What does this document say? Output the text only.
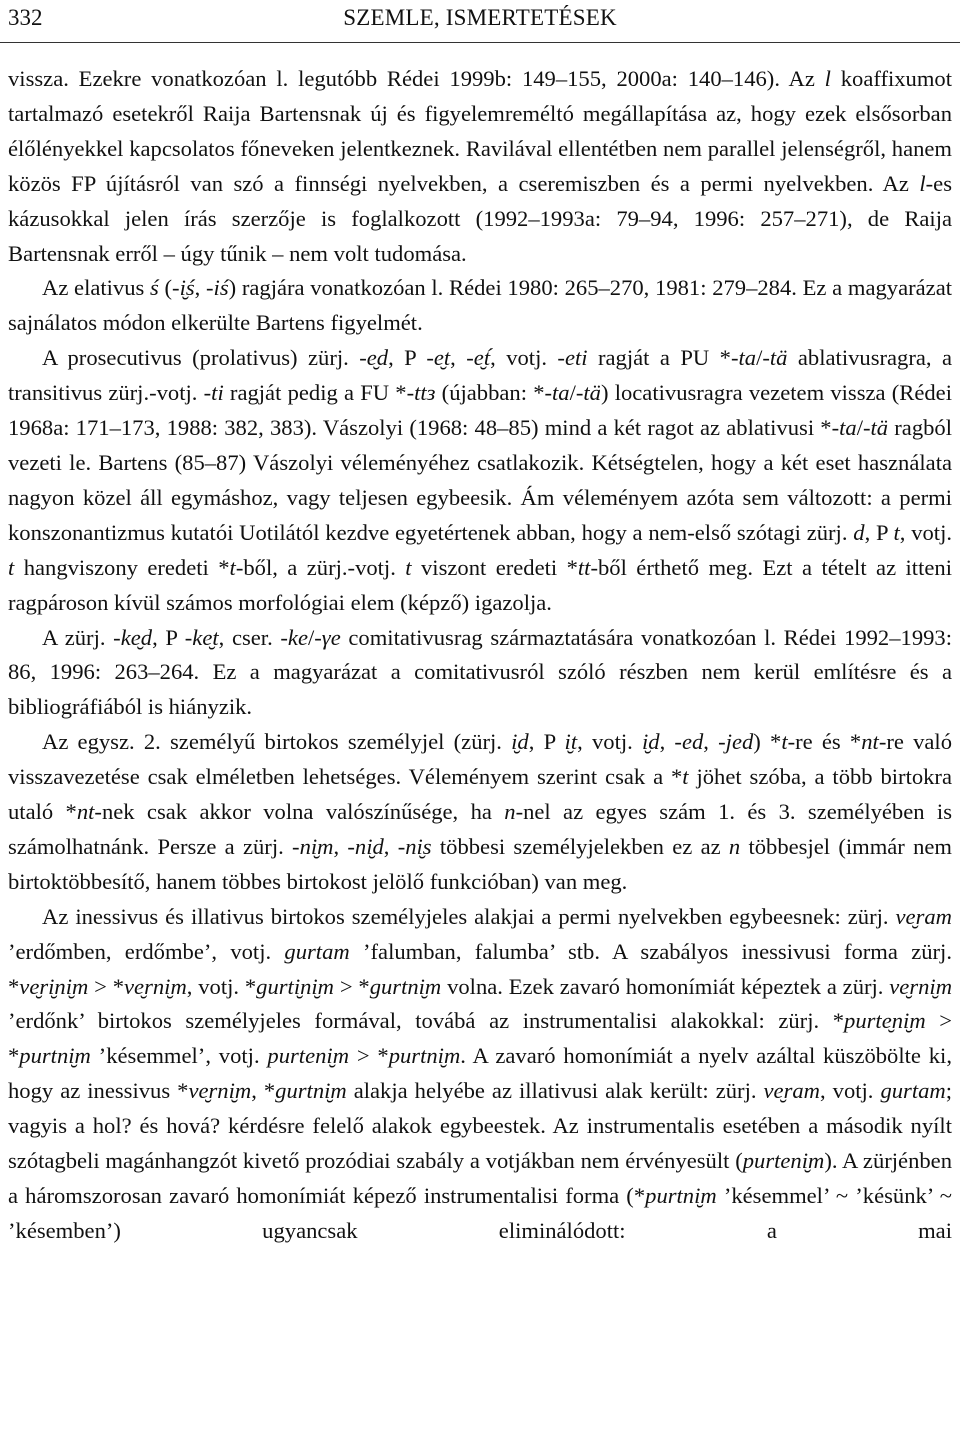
332	SZEMLE, ISMERTETÉSEK

vissza. Ezekre vonatkozóan l. legutóbb Rédei 1999b: 149–155, 2000a: 140–146). Az l koaffixumot tartalmazó esetekről Raija Bartensnak új és figyelemreméltó megállapítása az, hogy ezek elsősorban élőlényekkel kapcsolatos főneveken jelentkeznek. Ravilával ellentétben nem parallel jelenségről, hanem közös FP újításról van szó a finnségi nyelvekben, a cseremiszben és a permi nyelvekben. Az l-es kázusokkal jelen írás szerzője is foglalkozott (1992–1993a: 79–94, 1996: 257–271), de Raija Bartensnak erről – úgy tűnik – nem volt tudomása.

Az elativus ś (-i̮ś, -iś) ragjára vonatkozóan l. Rédei 1980: 265–270, 1981: 279–284. Ez a magyarázat sajnálatos módon elkerülte Bartens figyelmét.

A prosecutivus (prolativus) zürj. -e̮d, P -e̮t, -e̮t́, votj. -eti ragját a PU *-ta/-tä ablativusragra, a transitivus zürj.-votj. -ti ragját pedig a FU *-ttз (újabban: *-ta/-tä) locativusragra vezetem vissza (Rédei 1968a: 171–173, 1988: 382, 383). Vászolyi (1968: 48–85) mind a két ragot az ablativusi *-ta/-tä ragból vezeti le. Bartens (85–87) Vászolyi véleményéhez csatlakozik. Kétségtelen, hogy a két eset használata nagyon közel áll egymáshoz, vagy teljesen egybeesik. Ám véleményem azóta sem változott: a permi konszonantizmus kutatói Uotilától kezdve egyetértenek abban, hogy a nem-első szótagi zürj. d, P t, votj. t hangviszony eredeti *t-ből, a zürj.-votj. t viszont eredeti *tt-ből érthető meg. Ezt a tételt az itteni ragpároson kívül számos morfológiai elem (képző) igazolja.

A zürj. -ke̮d, P -ke̮t, cser. -ke/-γe comitativusrag származtatására vonatkozóan l. Rédei 1992–1993: 86, 1996: 263–264. Ez a magyarázat a comitativusról szóló részben nem kerül említésre és a bibliográfiából is hiányzik.

Az egysz. 2. személyű birtokos személyjel (zürj. i̮d, P i̮t, votj. i̮d, -ed, -jed) *t-re és *nt-re való visszavezetése csak elméletben lehetséges. Véleményem szerint csak a *t jöhet szóba, a több birtokra utaló *nt-nek csak akkor volna valószínűsége, ha n-nel az egyes szám 1. és 3. személyében is számolhatnánk. Persze a zürj. -ni̮m, -ni̮d, -ni̮s többesi személyjelekben ez az n többesjel (immár nem birtoktöbbesítő, hanem többes birtokost jelölő funkcióban) van meg.

Az inessivus és illativus birtokos személyjeles alakjai a permi nyelvekben egybeesnek: zürj. ve̮ram ’erdőmben, erdőmbe’, votj. gurtam ’falumban, falumba’ stb. A szabályos inessivusi forma zürj. *ve̮ri̮ni̮m > *ve̮rni̮m, votj. *gurti̮ni̮m > *gurtni̮m volna. Ezek zavaró homonímiát képeztek a zürj. ve̮rni̮m ’erdőnk’ birtokos személyjeles formával, továbá az instrumentalisi alakokkal: zürj. *purte̮ni̮m > *purtni̮m ’késemmel’, votj. purteni̮m > *purtni̮m. A zavaró homonímiát a nyelv azáltal küszöbölte ki, hogy az inessivus *ve̮rni̮m, *gurtni̮m alakja helyébe az illativusi alak került: zürj. ve̮ram, votj. gurtam; vagyis a hol? és hová? kérdésre felelő alakok egybeestek. Az instrumentalis esetében a második nyílt szótagbeli magánhangzót kivető prozódiai szabály a votjákban nem érvényesült (purteni̮m). A zürjénben a háromszorosan zavaró homonímiát képező instrumentalisi forma (*purtni̮m ’késemmel’ ~ ’késünk’ ~ ’késemben’) ugyancsak eliminálódott: a mai
